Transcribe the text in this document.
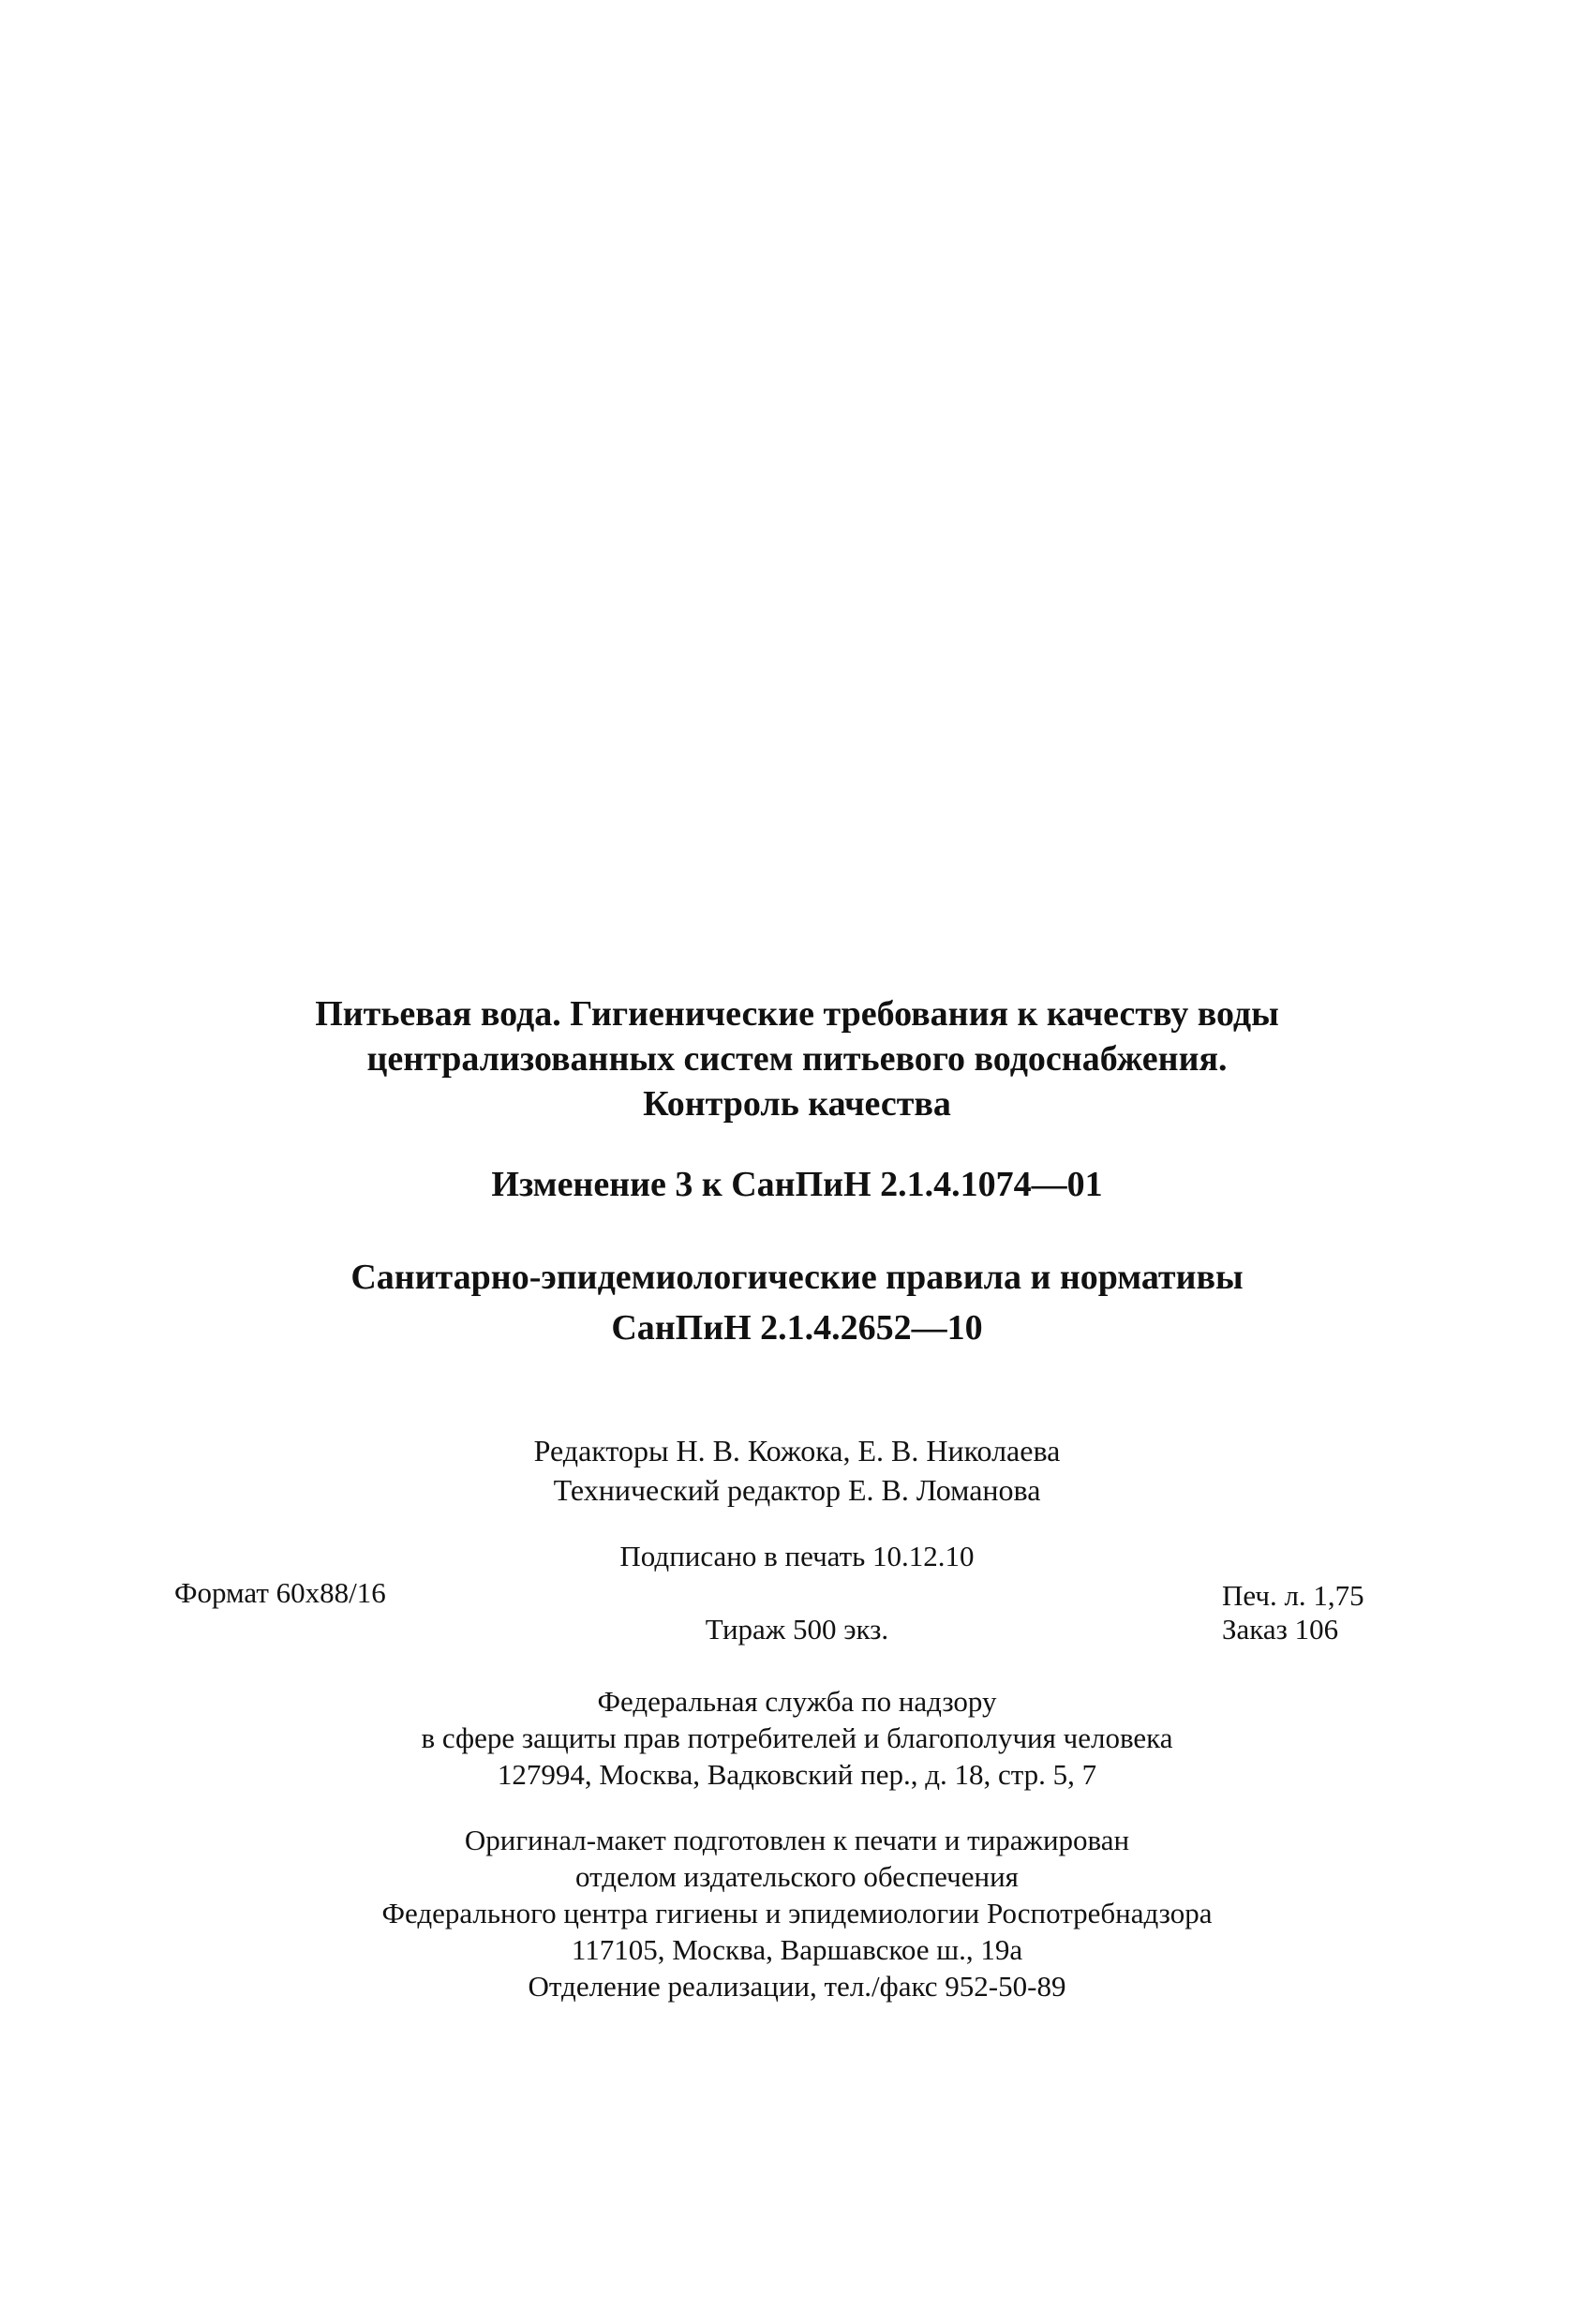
Питьевая вода. Гигиенические требования к качеству воды
централизованных систем питьевого водоснабжения.
Контроль качества
Изменение 3 к СанПиН 2.1.4.1074—01
Санитарно-эпидемиологические правила и нормативы
СанПиН 2.1.4.2652—10
Редакторы Н. В. Кожока, Е. В. Николаева
Технический редактор Е. В. Ломанова
Подписано в печать 10.12.10
Формат 60x88/16	Печ. л. 1,75
Тираж 500 экз.	Заказ 106
Федеральная служба по надзору
в сфере защиты прав потребителей и благополучия человека
127994, Москва, Вадковский пер., д. 18, стр. 5, 7
Оригинал-макет подготовлен к печати и тиражирован
отделом издательского обеспечения
Федерального центра гигиены и эпидемиологии Роспотребнадзора
117105, Москва, Варшавское ш., 19а
Отделение реализации, тел./факс 952-50-89
